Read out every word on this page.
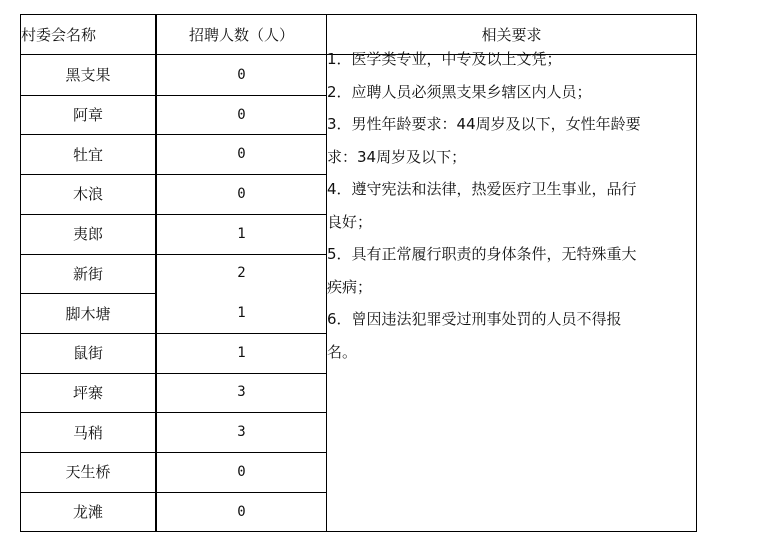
村委会名称	招聘人数（人）	相关要求
黑支果	0
阿章	0
牡宜	0
木浪	0
夷郎	1
新街	2
脚木塘	1
鼠街	1
坪寨	3
马稍	3
天生桥	0
龙滩	0
1．医学类专业，中专及以上文凭；
2．应聘人员必须黑支果乡辖区内人员；
3．男性年龄要求：44周岁及以下，女性年龄要
求：34周岁及以下；
4．遵守宪法和法律，热爱医疗卫生事业，品行
良好；
5．具有正常履行职责的身体条件，无特殊重大
疾病；
6．曾因违法犯罪受过刑事处罚的人员不得报
名。
